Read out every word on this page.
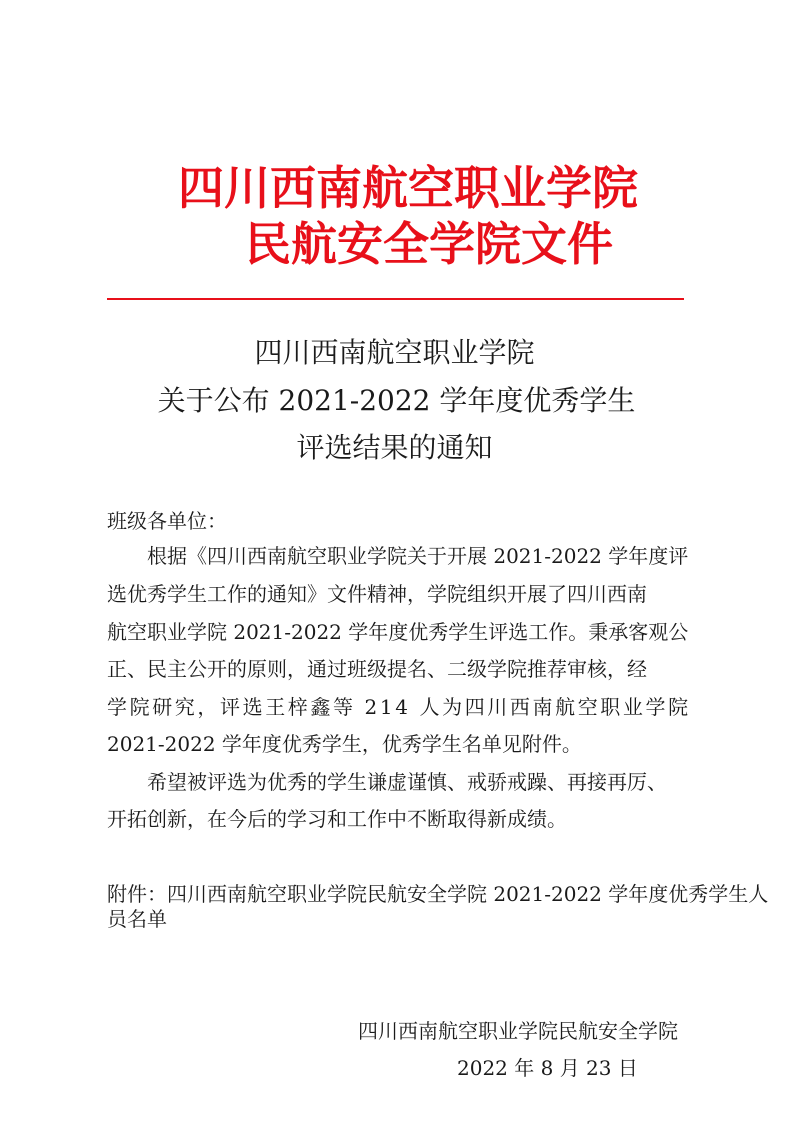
四川西南航空职业学院
民航安全学院文件
四川西南航空职业学院
关于公布 2021-2022 学年度优秀学生
评选结果的通知

班级各单位：

根据《四川西南航空职业学院关于开展 2021-2022 学年度评

选优秀学生工作的通知》文件精神，学院组织开展了四川西南

航空职业学院 2021-2022 学年度优秀学生评选工作。秉承客观公

正、民主公开的原则，通过班级提名、二级学院推荐审核，经

学院研究，评选王梓鑫等 214 人为四川西南航空职业学院

2021-2022 学年度优秀学生，优秀学生名单见附件。

希望被评选为优秀的学生谦虚谨慎、戒骄戒躁、再接再厉、

开拓创新，在今后的学习和工作中不断取得新成绩。

附件：四川西南航空职业学院民航安全学院 2021-2022 学年度优秀学生人

员名单

四川西南航空职业学院民航安全学院

2022 年 8 月 23 日
